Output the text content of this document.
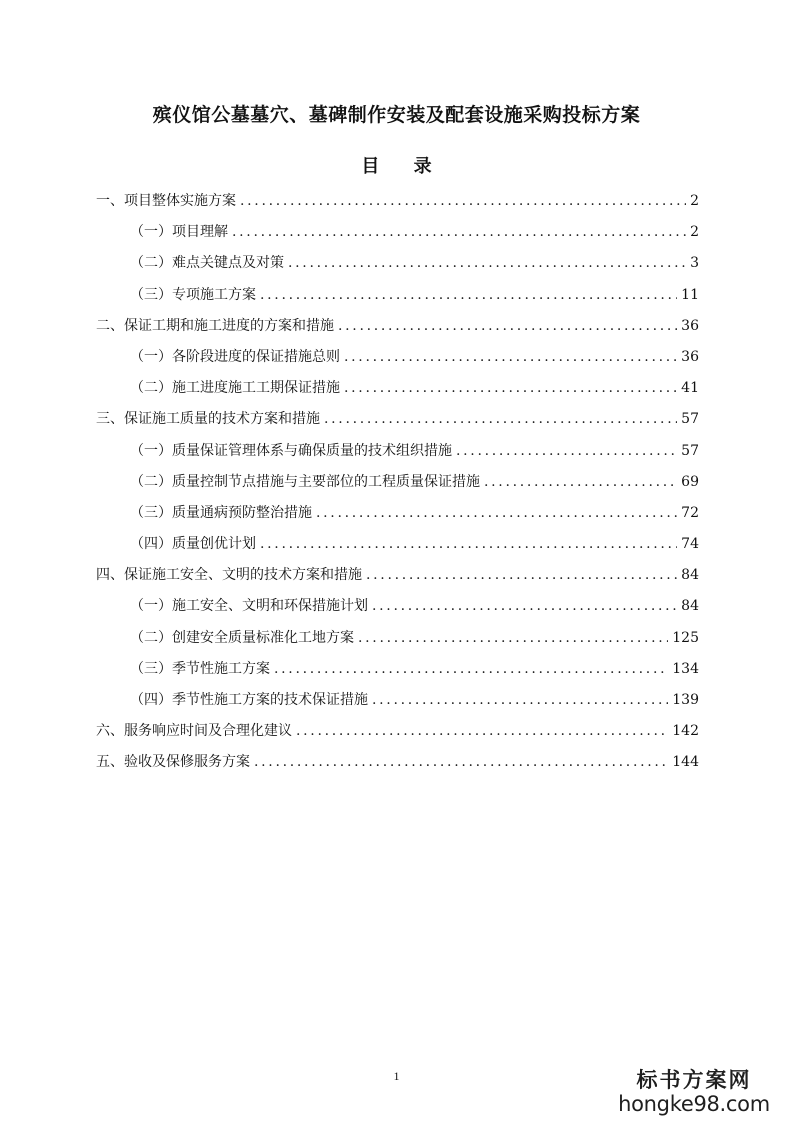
殡仪馆公墓墓穴、墓碑制作安装及配套设施采购投标方案
目 录
一、项目整体实施方案 .....	2
（一）项目理解 .....	2
（二）难点关键点及对策 .....	3
（三）专项施工方案 .....	11
二、保证工期和施工进度的方案和措施 .....	36
（一）各阶段进度的保证措施总则 .....	36
（二）施工进度施工工期保证措施 .....	41
三、保证施工质量的技术方案和措施 .....	57
（一）质量保证管理体系与确保质量的技术组织措施 .....	57
（二）质量控制节点措施与主要部位的工程质量保证措施 .....	69
（三）质量通病预防整治措施 .....	72
（四）质量创优计划 .....	74
四、保证施工安全、文明的技术方案和措施 .....	84
（一）施工安全、文明和环保措施计划 .....	84
（二）创建安全质量标准化工地方案 .....	125
（三）季节性施工方案 .....	134
（四）季节性施工方案的技术保证措施 .....	139
六、服务响应时间及合理化建议 .....	142
五、验收及保修服务方案 .....	144
1	标书方案网
hongke98.com
